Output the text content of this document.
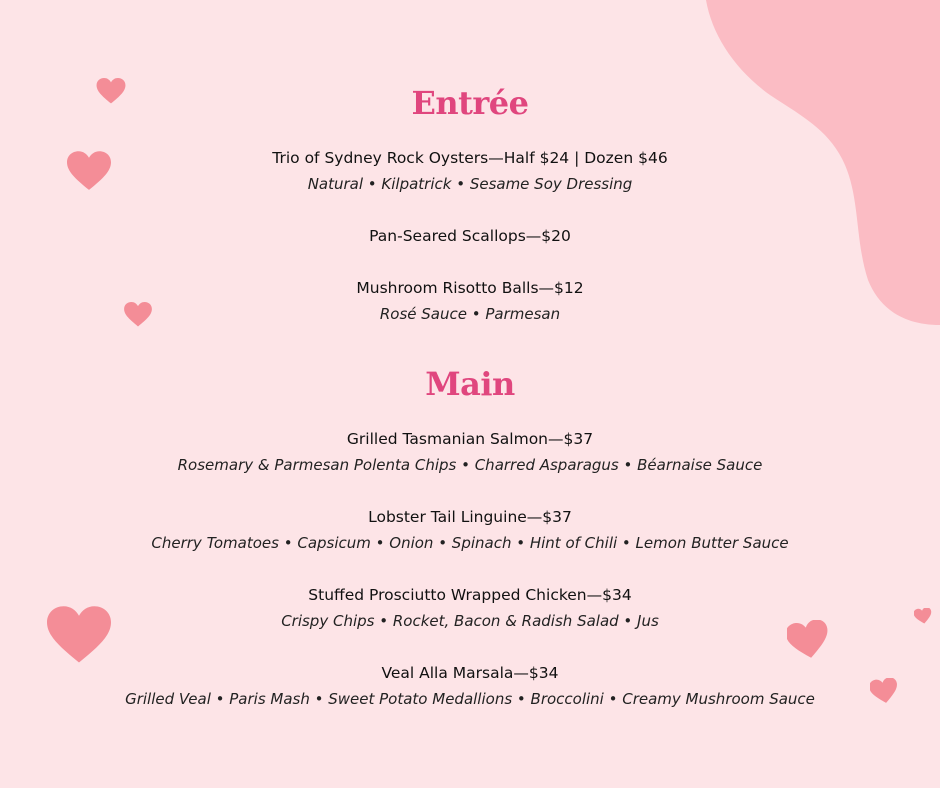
Entrée
Trio of Sydney Rock Oysters—Half $24 | Dozen $46
Natural • Kilpatrick • Sesame Soy Dressing
Pan-Seared Scallops—$20
Mushroom Risotto Balls—$12
Rosé Sauce • Parmesan
Main
Grilled Tasmanian Salmon—$37
Rosemary & Parmesan Polenta Chips • Charred Asparagus • Béarnaise Sauce
Lobster Tail Linguine—$37
Cherry Tomatoes • Capsicum • Onion • Spinach • Hint of Chili • Lemon Butter Sauce
Stuffed Prosciutto Wrapped Chicken—$34
Crispy Chips • Rocket, Bacon & Radish Salad • Jus
Veal Alla Marsala—$34
Grilled Veal • Paris Mash • Sweet Potato Medallions • Broccolini • Creamy Mushroom Sauce
